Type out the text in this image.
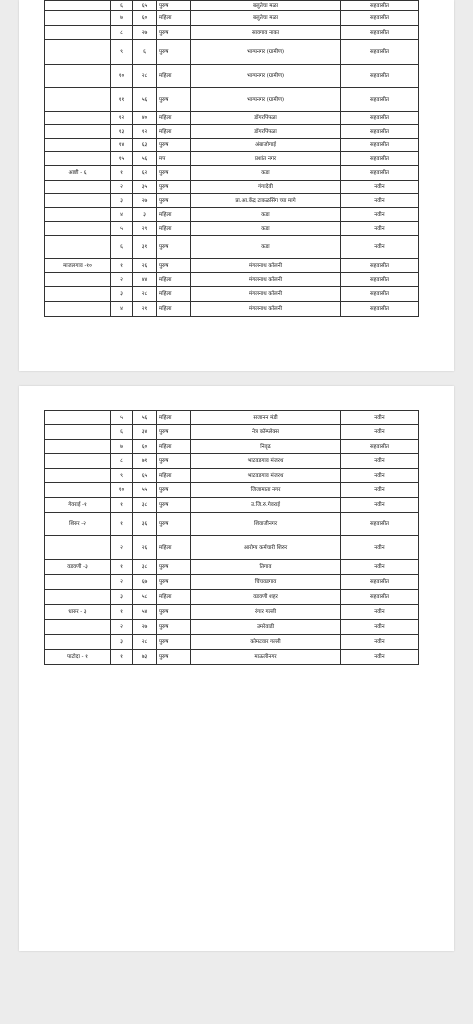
	६	६५	पुरुष	बलुतेचा मळा	सहवासीत
	७	६०	महिला	बलुतेचा मळा	सहवासीत
	८	२७	पुरुष	सावगाव नाका	सहवासीत
	९	६	पुरुष	भाग्यनगर (ग्रामीण)	सहवासीत
	१०	२८	महिला	भाग्यनगर (ग्रामीण)	सहवासीत
	११	५६	पुरुष	भाग्यनगर (ग्रामीण)	सहवासीत
	१२	४०	महिला	डोंगरपिंपळा	सहवासीत
	१३	१२	महिला	डोंगरपिंपळा	सहवासीत
	१४	६३	पुरुष	अंबाजोगाई	सहवासीत
	१५	५६	मप	प्रशांत नगर	सहवासीत
आष्टी - ६	१	६२	पुरुष	कडा	सहवासीत
	२	३५	पुरुष	गंगादेवी	नवीन
	३	२७	पुरुष	प्रा.आ.केंद्र टाकळसिंग च्या मागे	नवीन
	४	३	महिला	कडा	नवीन
	५	२९	महिला	कडा	नवीन
	६	३१	पुरुष	कडा	नवीन
माजलगाव -१०	१	२६	पुरुष	मंगलनाथ कॉलनी	सहवासीत
	२	४४	महिला	मंगलनाथ कॉलनी	सहवासीत
	३	२८	महिला	मंगलनाथ कॉलनी	सहवासीत
	४	२१	महिला	मंगलनाथ कॉलनी	सहवासीत
	५	५६	महिला	सजानन मंडी	नवीन
	६	३४	पुरुष	नेत्र कॉम्प्लेक्स	नवीन
	७	६०	महिला	निवृढ	सहवासीत
	८	७१	पुरुष	भाटवडगाव मंजरथ	नवीन
	९	६५	महिला	भाटवडगाव मंजरथ	नवीन
	१०	५५	पुरुष	जिजामाता नगर	नवीन
गेवराई -१	१	३८	पुरुष	उ.जि.रु.गेवराई	नवीन
शिरुर -२	१	३६	पुरुष	शिवाजीनगर	सहवासीत
	२	२६	महिला	आरोग्य कर्मचारी शिरुर	नवीन
वडवणी -३	१	३८	पुरुष	तिगाव	नवीन
	२	६७	पुरुष	चिंचवडगाव	सहवासीत
	३	५८	महिला	वडवणी शहर	सहवासीत
धारुर - ३	१	५४	पुरुष	रंगार गल्ली	नवीन
	२	२७	पुरुष	उमरेवाडी	नवीन
	३	२८	पुरुष	कोमटवार गल्ली	नवीन
पाटोदा - १	१	७३	पुरुष	माऊलीनगर	नवीन
